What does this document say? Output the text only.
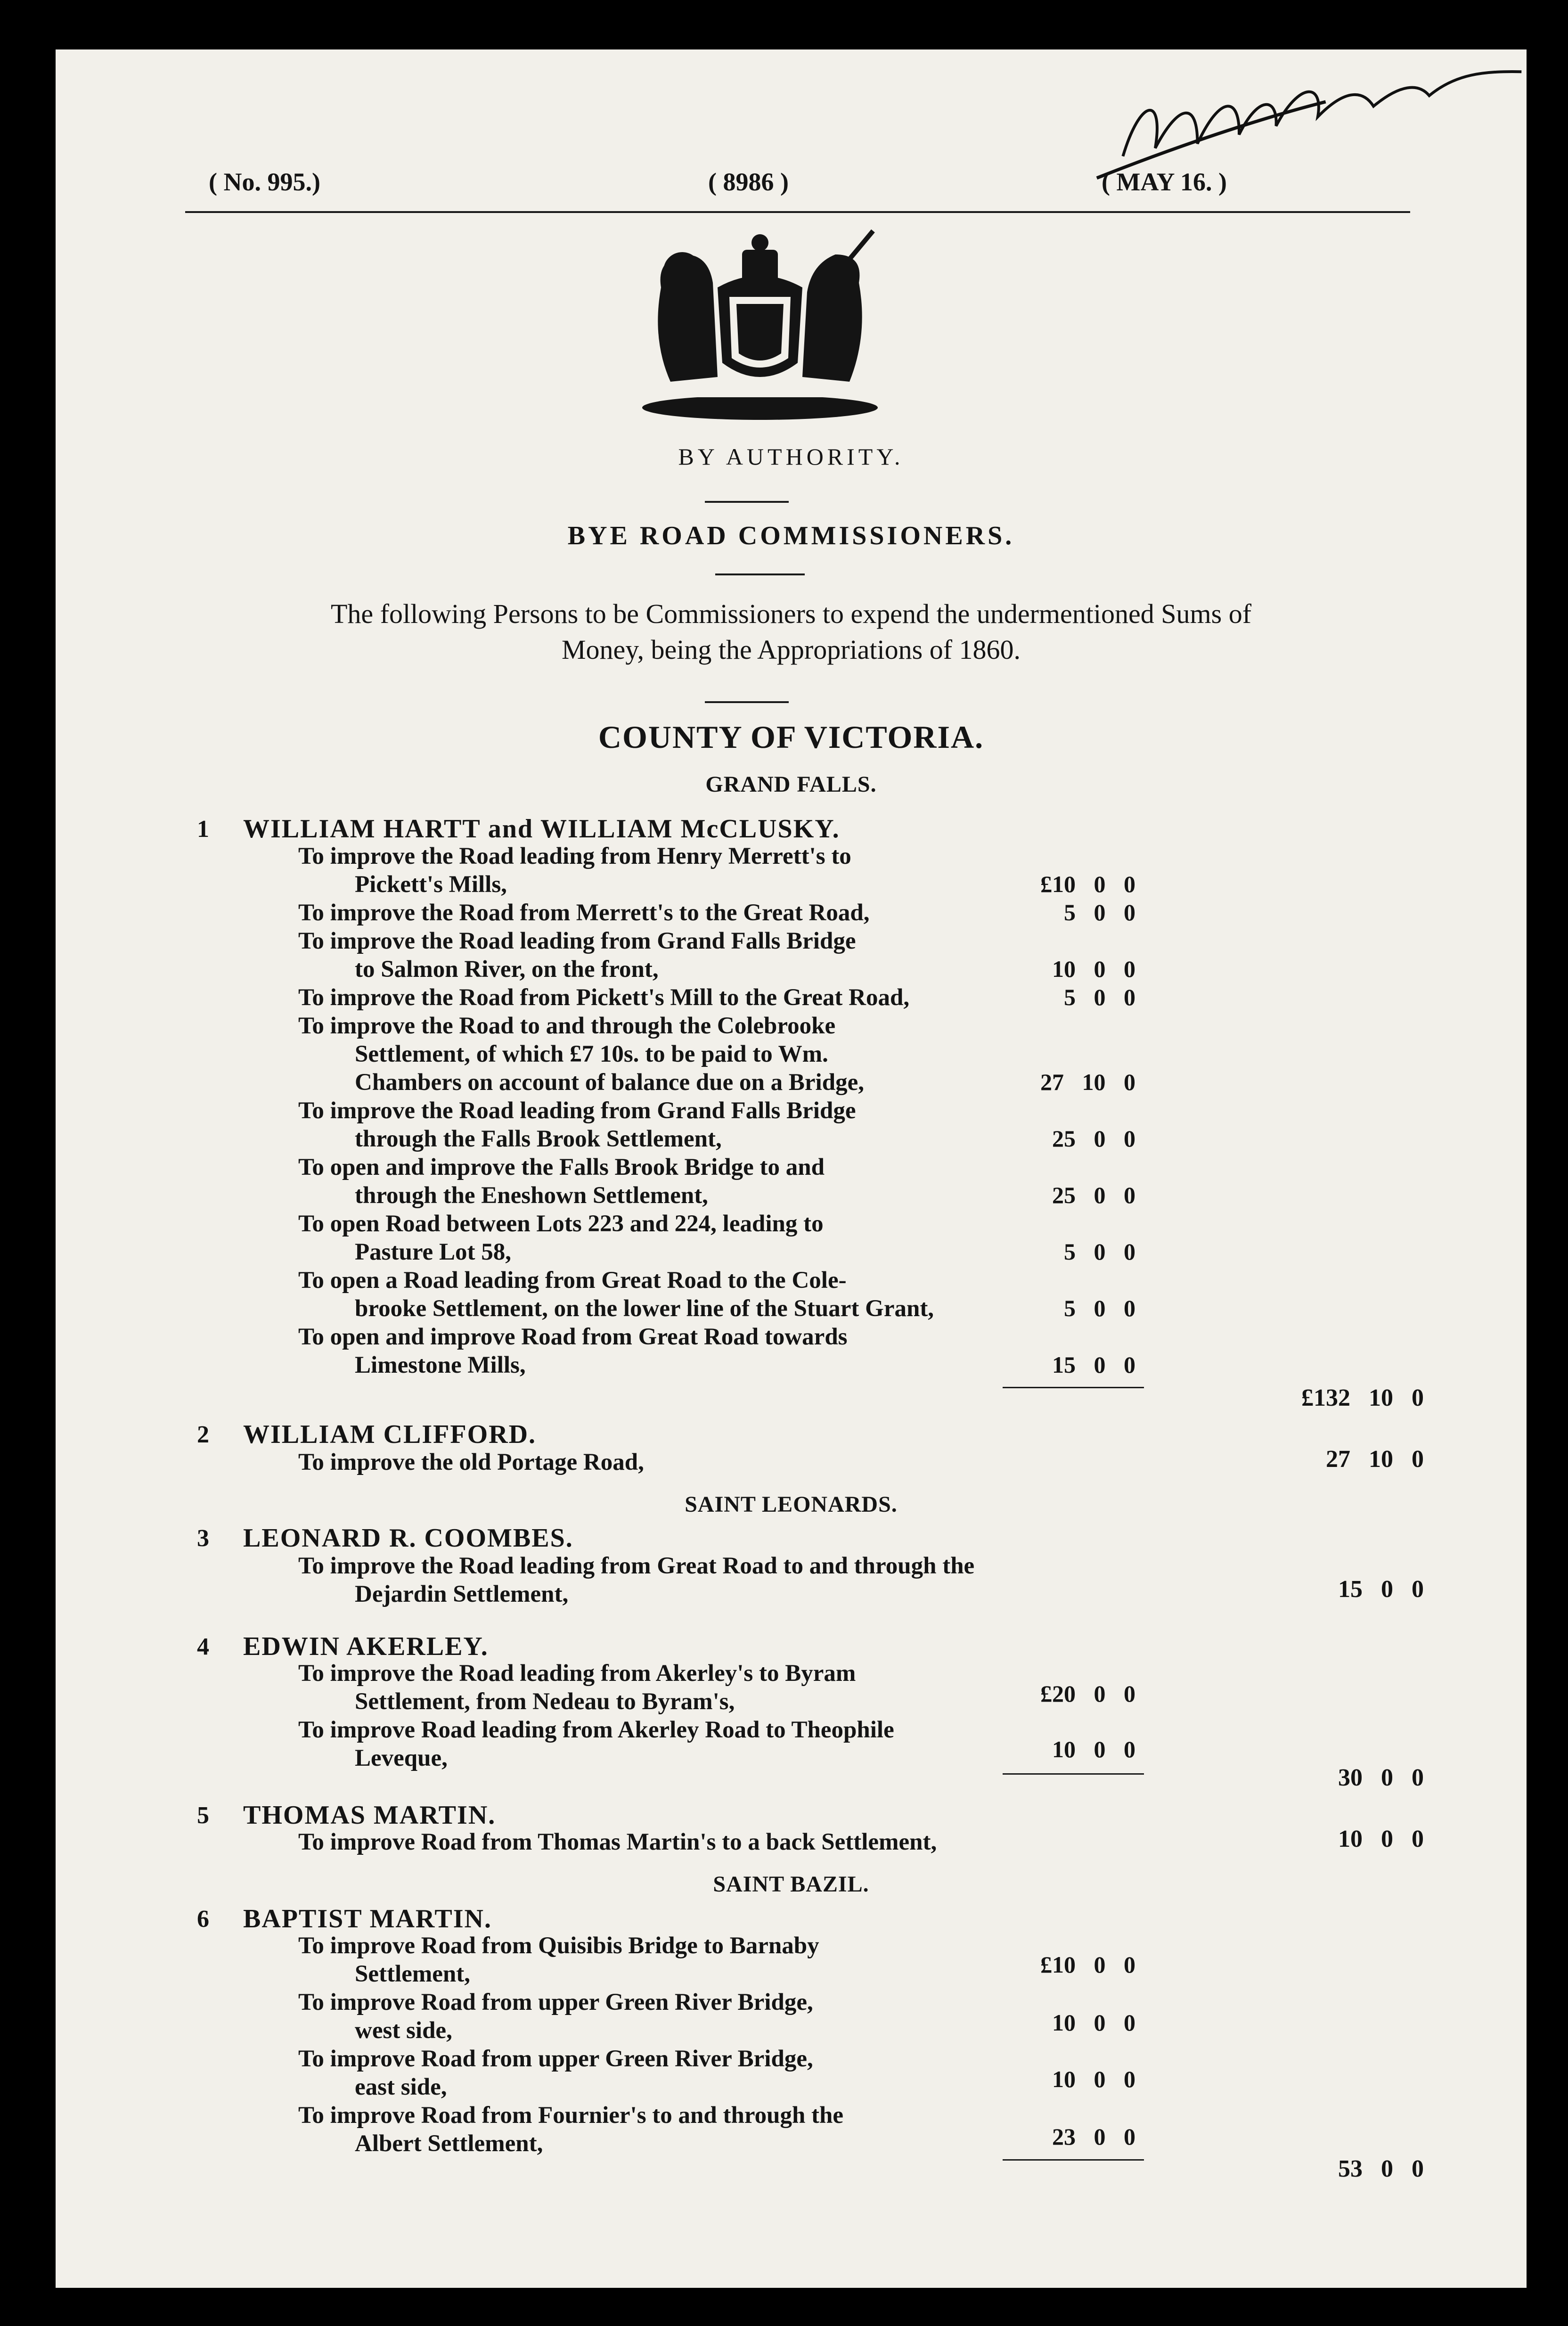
( No. 995.)	( 8986 )	( MAY 16. )
BY AUTHORITY.
BYE ROAD COMMISSIONERS.
The following Persons to be Commissioners to expend the undermentioned Sums of
Money, being the Appropriations of 1860.
COUNTY OF VICTORIA.
GRAND FALLS.
1 WILLIAM HARTT and WILLIAM McCLUSKY.
To improve the Road leading from Henry Merrett's to
Pickett's Mills,	£10 0 0
To improve the Road from Merrett's to the Great Road,	5 0 0
To improve the Road leading from Grand Falls Bridge
to Salmon River, on the front,	10 0 0
To improve the Road from Pickett's Mill to the Great Road,	5 0 0
To improve the Road to and through the Colebrooke
Settlement, of which £7 10s. to be paid to Wm.
Chambers on account of balance due on a Bridge,	27 10 0
To improve the Road leading from Grand Falls Bridge
through the Falls Brook Settlement,	25 0 0
To open and improve the Falls Brook Bridge to and
through the Eneshown Settlement,	25 0 0
To open Road between Lots 223 and 224, leading to
Pasture Lot 58,	5 0 0
To open a Road leading from Great Road to the Cole-
brooke Settlement, on the lower line of the Stuart Grant,	5 0 0
To open and improve Road from Great Road towards
Limestone Mills,	15 0 0
£132 10 0
2 WILLIAM CLIFFORD.
To improve the old Portage Road,	27 10 0
SAINT LEONARDS.
3 LEONARD R. COOMBES.
To improve the Road leading from Great Road to and through the
Dejardin Settlement,	15 0 0
4 EDWIN AKERLEY.
To improve the Road leading from Akerley's to Byram
Settlement, from Nedeau to Byram's,	£20 0 0
To improve Road leading from Akerley Road to Theophile
Leveque,	10 0 0
30 0 0
5 THOMAS MARTIN.
To improve Road from Thomas Martin's to a back Settlement,	10 0 0
SAINT BAZIL.
6 BAPTIST MARTIN.
To improve Road from Quisibis Bridge to Barnaby
Settlement,	£10 0 0
To improve Road from upper Green River Bridge,
west side,	10 0 0
To improve Road from upper Green River Bridge,
east side,	10 0 0
To improve Road from Fournier's to and through the
Albert Settlement,	23 0 0
53 0 0
